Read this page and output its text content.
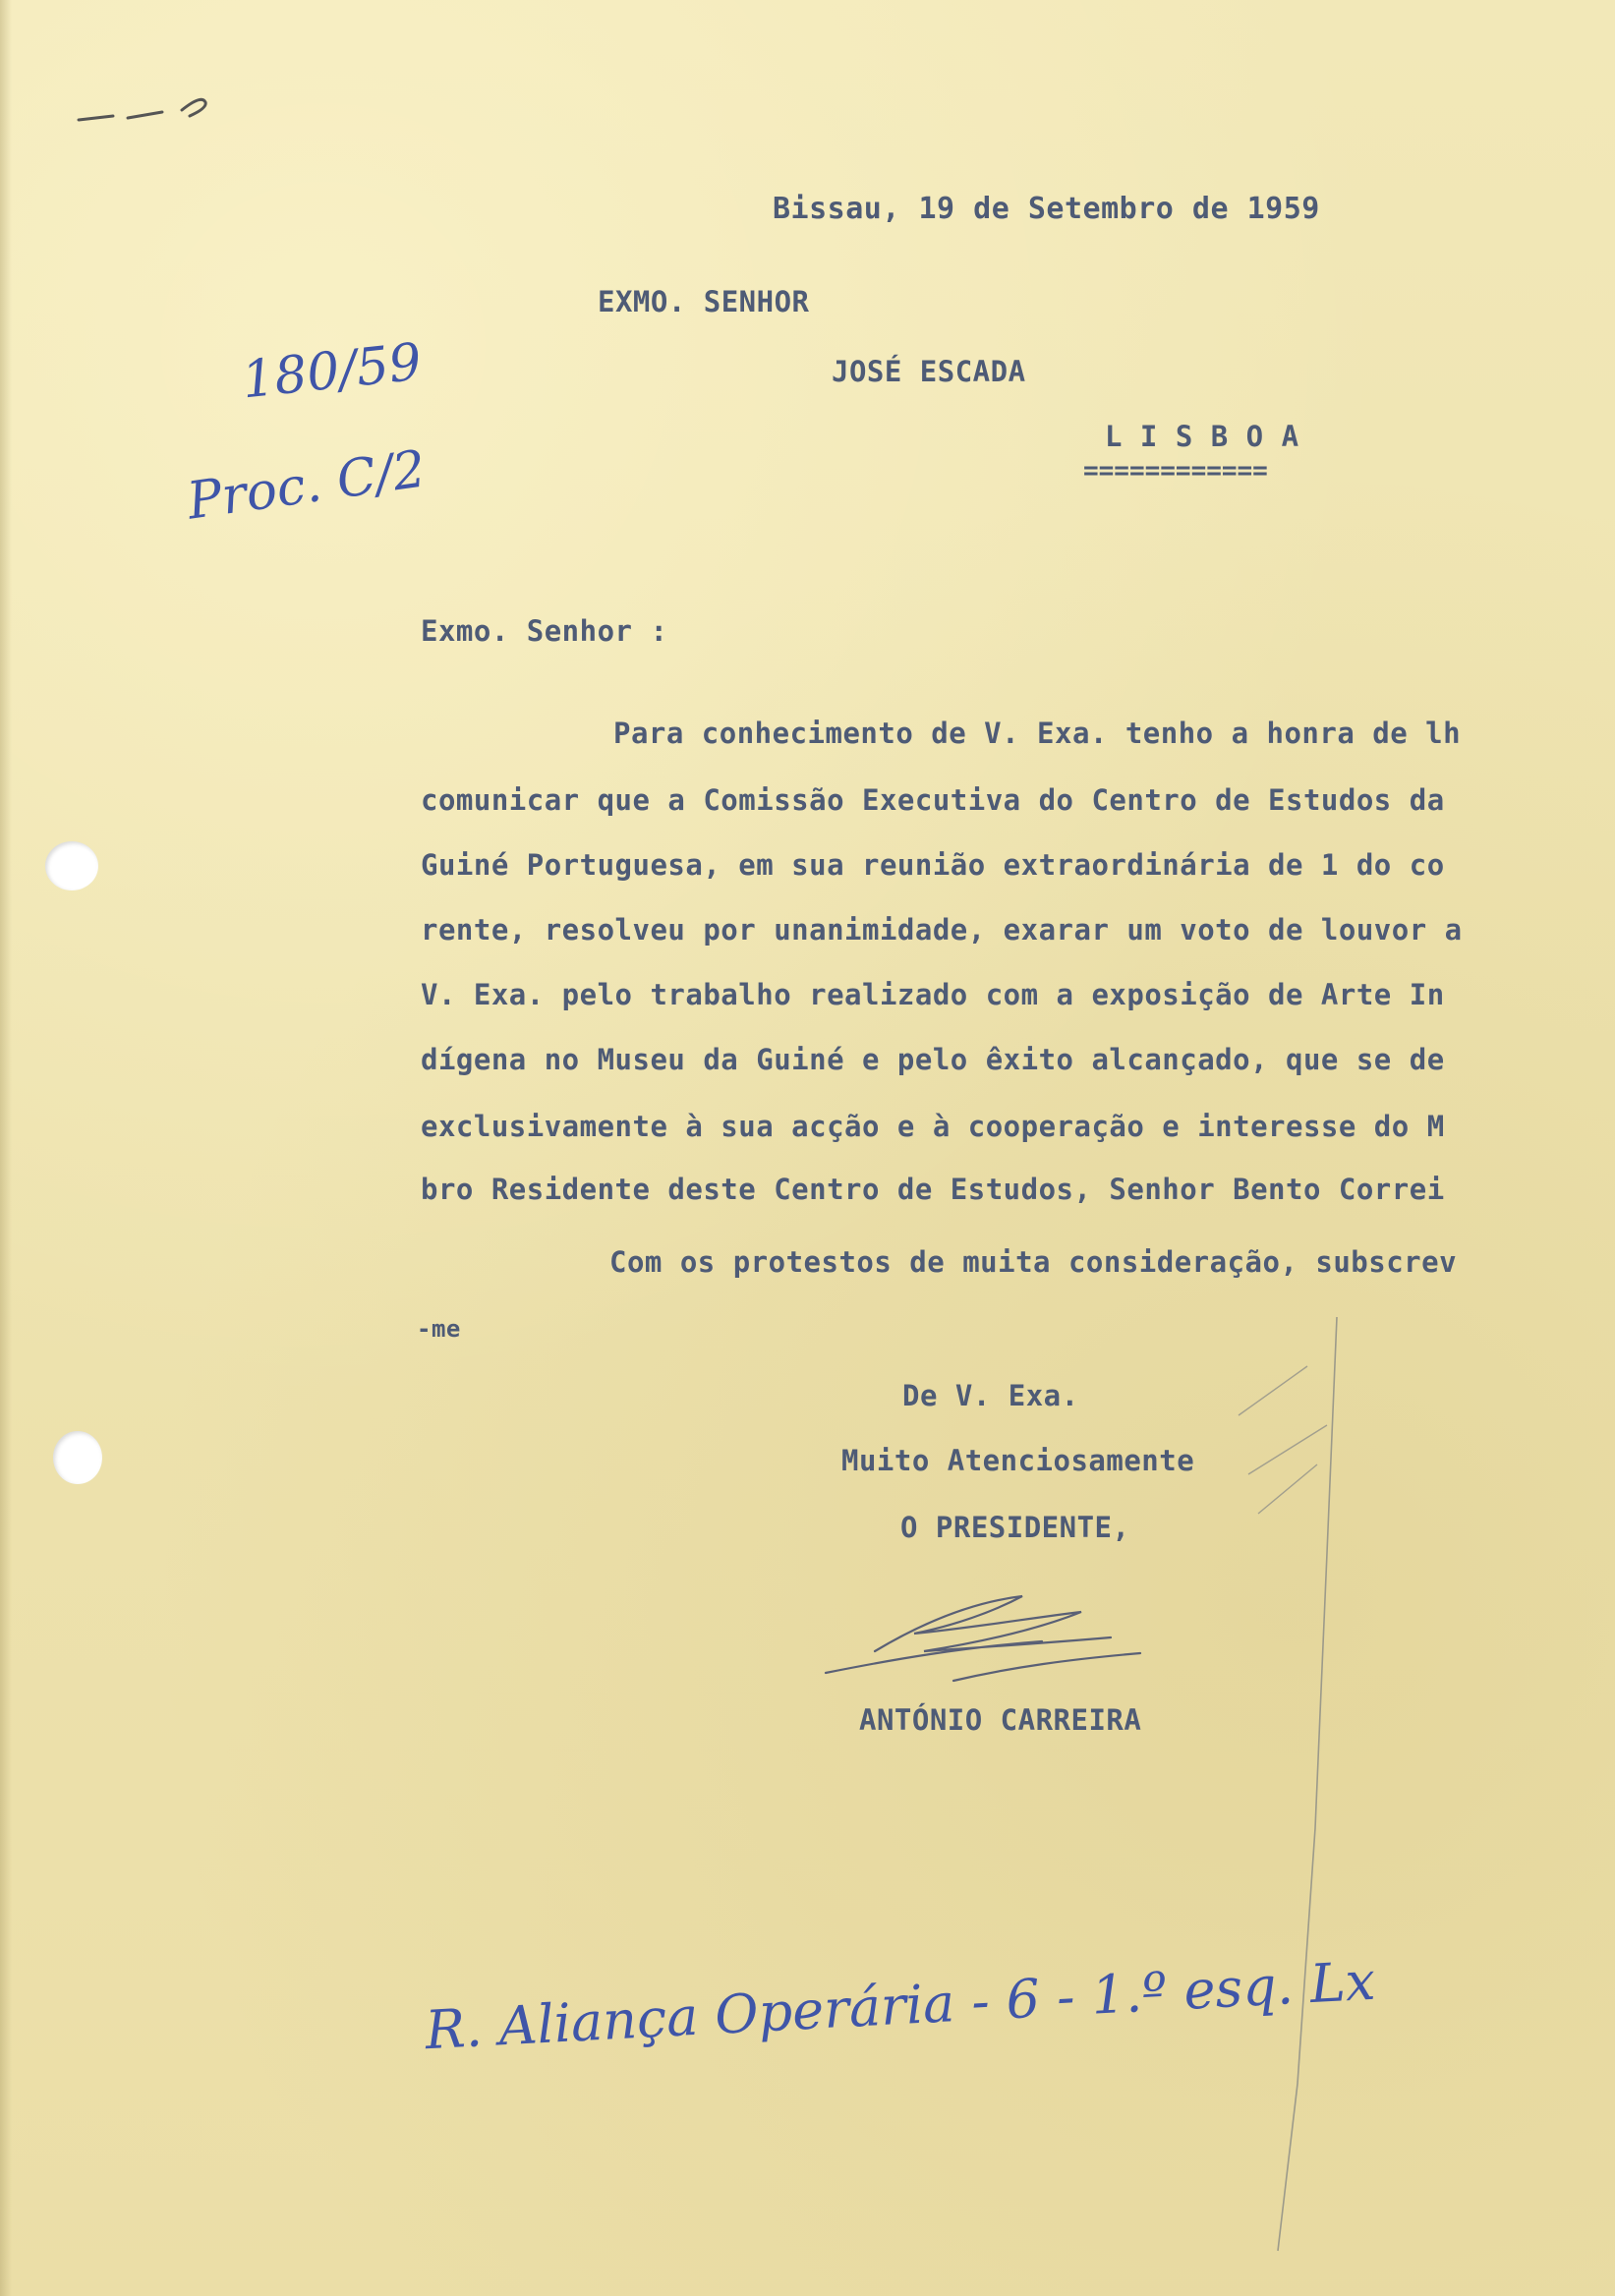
Bissau, 19 de Setembro de 1959
EXMO. SENHOR
JOSÉ ESCADA
L I S B O A
============
180/59
Proc. C/2
Exmo. Senhor :
Para conhecimento de V. Exa. tenho a honra de lh
comunicar que a Comissão Executiva do Centro de Estudos da
Guiné Portuguesa, em sua reunião extraordinária de 1 do co
rente, resolveu por unanimidade, exarar um voto de louvor a
V. Exa. pelo trabalho realizado com a exposição de Arte In
dígena no Museu da Guiné e pelo êxito alcançado, que se de
exclusivamente à sua acção e à cooperação e interesse do M
bro Residente deste Centro de Estudos, Senhor Bento Correi
Com os protestos de muita consideração, subscrev
-me
De V. Exa.
Muito Atenciosamente
O PRESIDENTE,
ANTÓNIO CARREIRA
R. Aliança Operária - 6 - 1.º esq. Lx
